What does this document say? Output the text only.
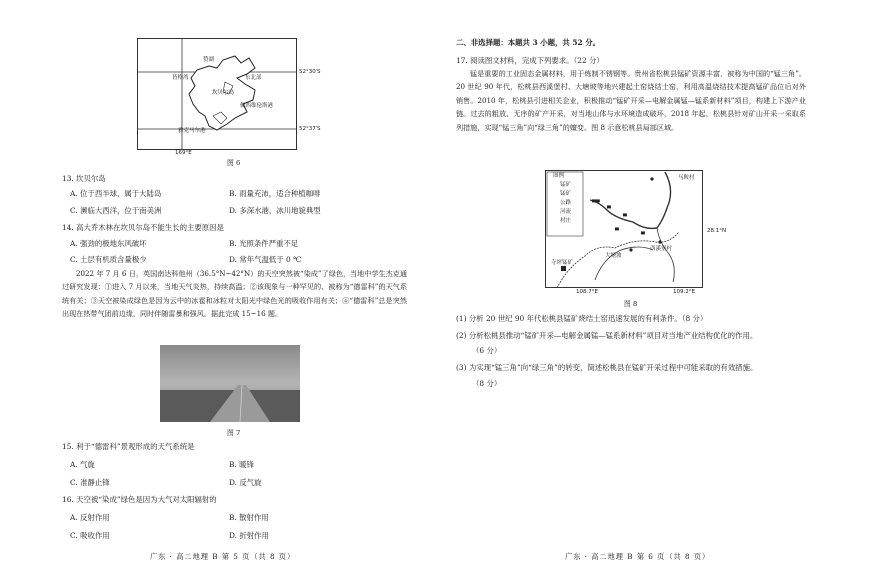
赞湖
皆格湾	东北部
坎贝尔岛
佩西维伦斯港
雅克马尔港
52°30′S
52°37′S
169°E
图 6
13. 坎贝尔岛
A. 位于西半球，属于大陆岛	B. 雨量充沛，适合种植咖啡
C. 濒临大西洋，位于南美洲	D. 多深水港，冰川地貌典型
14. 高大乔木林在坎贝尔岛不能生长的主要原因是
A. 强劲的极地东风破坏	B. 光照条件严重不足
C. 土层有机质含量极少	D. 常年气温低于 0 ℃
2022 年 7 月 6 日，英国南达科他州（36.5°N~42°N）的天空突然被“染成”了绿色，当地中学生杰克通过研究发现：①进入 7 月以来，当地天气炎热，持续高温；②该现象与一种罕见的、被称为“德雷科”的天气系统有关；③天空被染成绿色是因为云中的冰雹和冰粒对太阳光中绿色光的吸收作用有关；④“德雷科”总是突然出现在热带气团前边缘，同时伴随雷暴和强风。据此完成 15~16 题。
图 7
15. 利于“德雷科”景观形成的天气系统是
A. 气旋	B. 暖锋
C. 准静止锋	D. 反气旋
16. 天空被“染成”绿色是因为大气对太阳辐射的
A. 反射作用	B. 散射作用
C. 吸收作用	D. 折射作用
广东 · 高二地理 B 第 5 页（共 8 页）
二、非选择题：本题共 3 小题，共 52 分。
17. 阅读图文材料，完成下列要求。（22 分）
锰是重要的工业固态金属材料，用于炼制不锈钢等。贵州省松桃县锰矿资源丰富，被称为中国的“锰三角”。20 世纪 90 年代，松桃县西溪堡村、大塘坡等地兴建起土窑烧结土窑，利用高温烧结技术提高锰矿品位后对外销售。2010 年，松桃县引进相关企业，积极推动“锰矿开采—电解金属锰—锰系新材料”项目，构建上下游产业链。过去的粗放、无序的矿产开采，对当地山体与水环境造成破坏，2018 年起，松桃县针对矿山开采一采取系列措施，实现“锰三角”向“绿三角”的嬗变。图 8 示意松桃县局部区域。
▀▀
▀
▀
▀
▀
图例
锰矿
锰矿
公路
河流
村庄
马鞍村
28.1°N
西溪堡村
大塘坡
寺坪锰矿
108.7°E	109.2°E
图 8
(1) 分析 20 世纪 90 年代松桃县锰矿烧结土窑迅速发展的有利条件。（8 分）
(2) 分析松桃县推动“锰矿开采—电解金属锰—锰系新材料”项目对当地产业结构优化的作用。
（6 分）
(3) 为实现“锰三角”向“绿三角”的转变，简述松桃县在锰矿开采过程中可能采取的有效措施。
（8 分）
广东 · 高二地理 B 第 6 页（共 8 页）
